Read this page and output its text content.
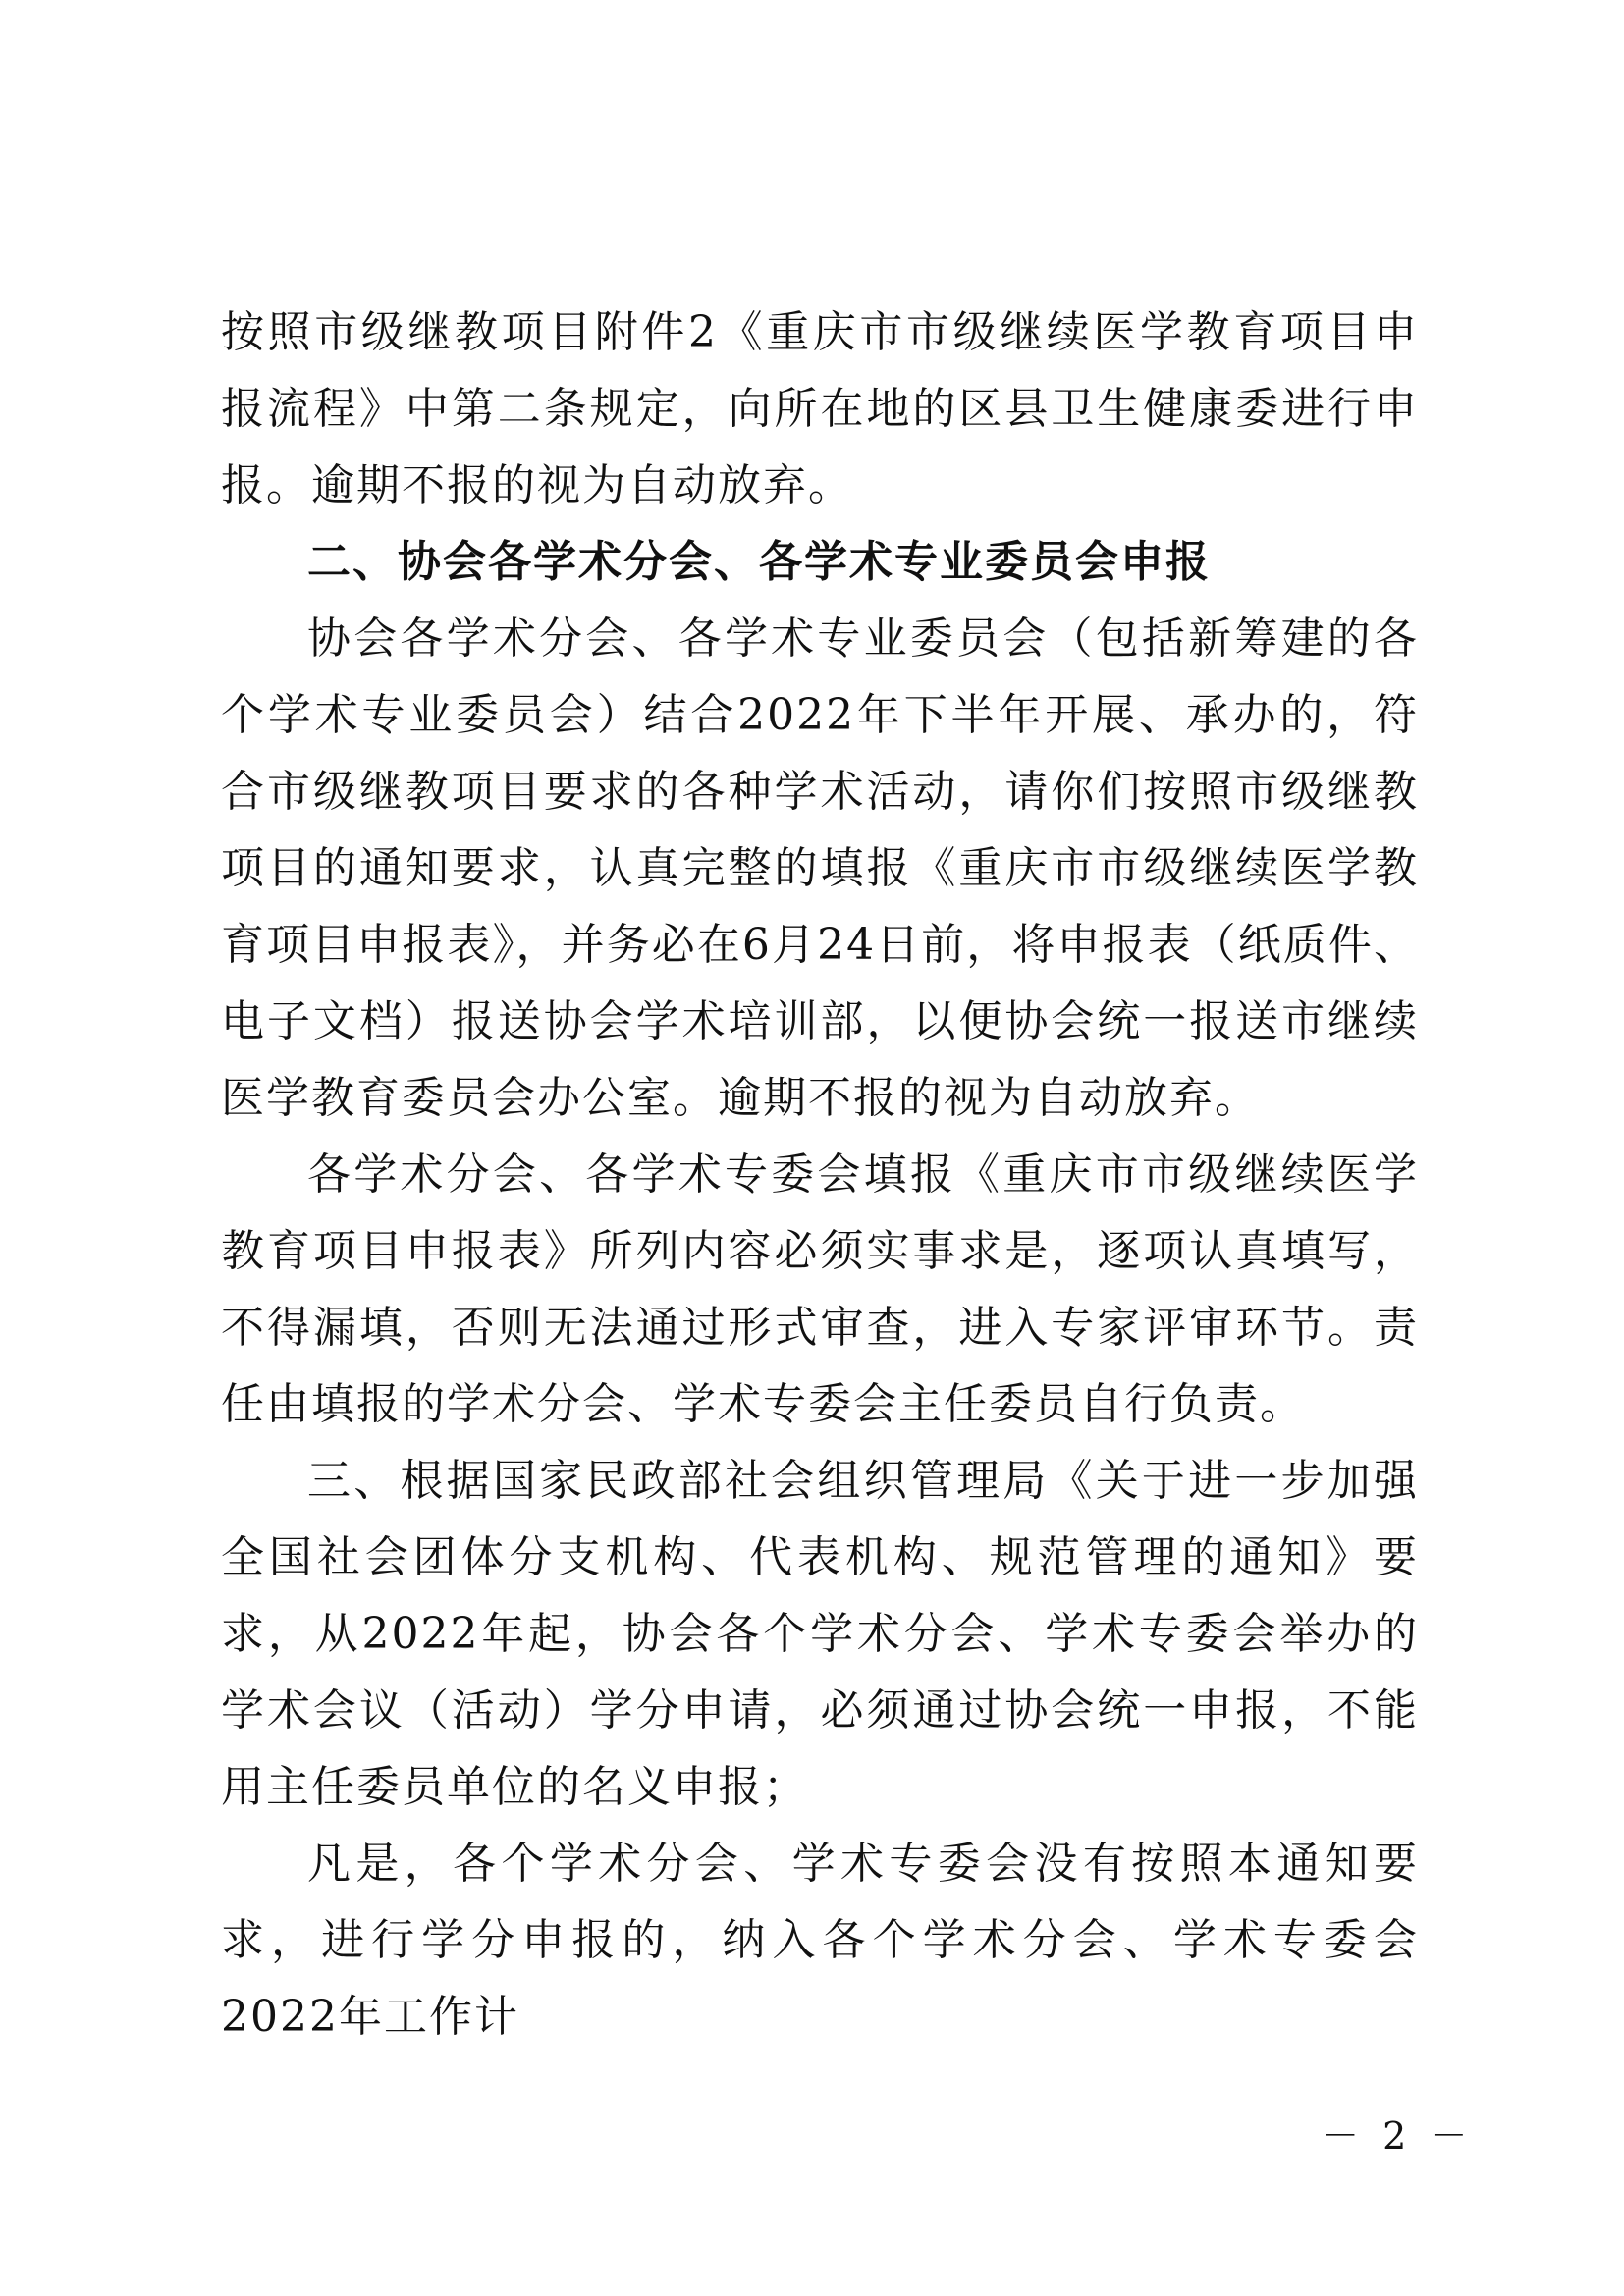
按照市级继教项目附件2《重庆市市级继续医学教育项目申报流程》中第二条规定，向所在地的区县卫生健康委进行申报。逾期不报的视为自动放弃。

二、协会各学术分会、各学术专业委员会申报

协会各学术分会、各学术专业委员会（包括新筹建的各个学术专业委员会）结合2022年下半年开展、承办的，符合市级继教项目要求的各种学术活动，请你们按照市级继教项目的通知要求，认真完整的填报《重庆市市级继续医学教育项目申报表》，并务必在6月24日前，将申报表（纸质件、电子文档）报送协会学术培训部，以便协会统一报送市继续医学教育委员会办公室。逾期不报的视为自动放弃。

各学术分会、各学术专委会填报《重庆市市级继续医学教育项目申报表》所列内容必须实事求是，逐项认真填写，不得漏填，否则无法通过形式审查，进入专家评审环节。责任由填报的学术分会、学术专委会主任委员自行负责。

三、根据国家民政部社会组织管理局《关于进一步加强全国社会团体分支机构、代表机构、规范管理的通知》要求，从2022年起，协会各个学术分会、学术专委会举办的学术会议（活动）学分申请，必须通过协会统一申报，不能用主任委员单位的名义申报；

凡是，各个学术分会、学术专委会没有按照本通知要求，进行学分申报的，纳入各个学术分会、学术专委会2022年工作计

－ 2 －
